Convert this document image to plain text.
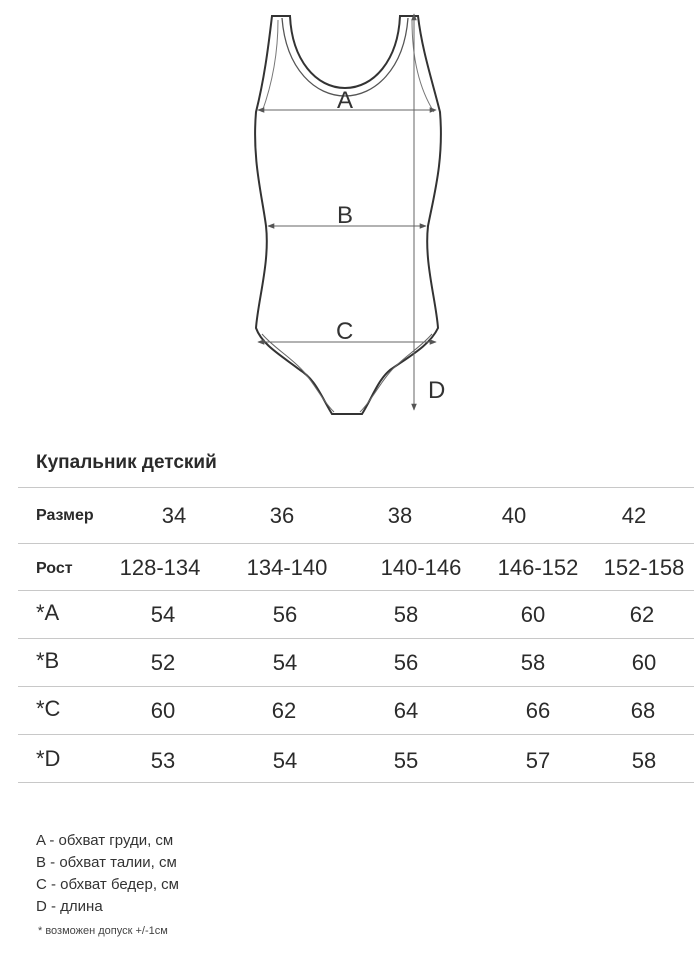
A
B
C
D
Купальник детский
Размер	34	36	38	40	42
Рост 128-134 134-140 140-146 146-152 152-158
*A	54	56	58	60	62
*B	52	54	56	58	60
*C	60	62	64	66	68
*D	53	54	55	57	58
A - обхват груди, см
B - обхват талии, см
C - обхват бедер, см
D - длина
* возможен допуск +/-1см
